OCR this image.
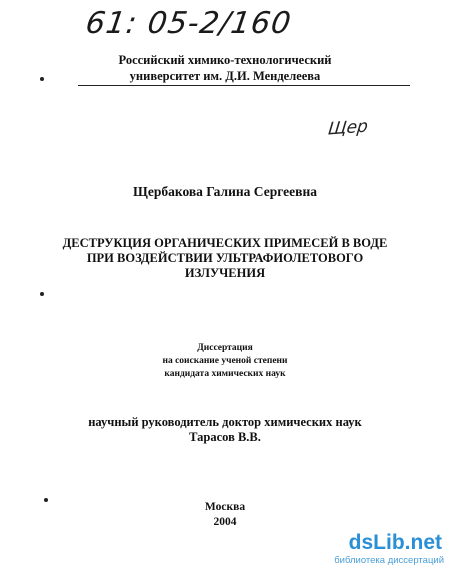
61: 05-2/160
Российский химико-технологический
университет им. Д.И. Менделеева
Щер
Щербакова Галина Сергеевна
ДЕСТРУКЦИЯ ОРГАНИЧЕСКИХ ПРИМЕСЕЙ В ВОДЕ
ПРИ ВОЗДЕЙСТВИИ УЛЬТРАФИОЛЕТОВОГО
ИЗЛУЧЕНИЯ
Диссертация
на соискание ученой степени
кандидата химических наук
научный руководитель доктор химических наук
Тарасов В.В.
Москва
2004
dsLib.net
библиотека диссертаций
